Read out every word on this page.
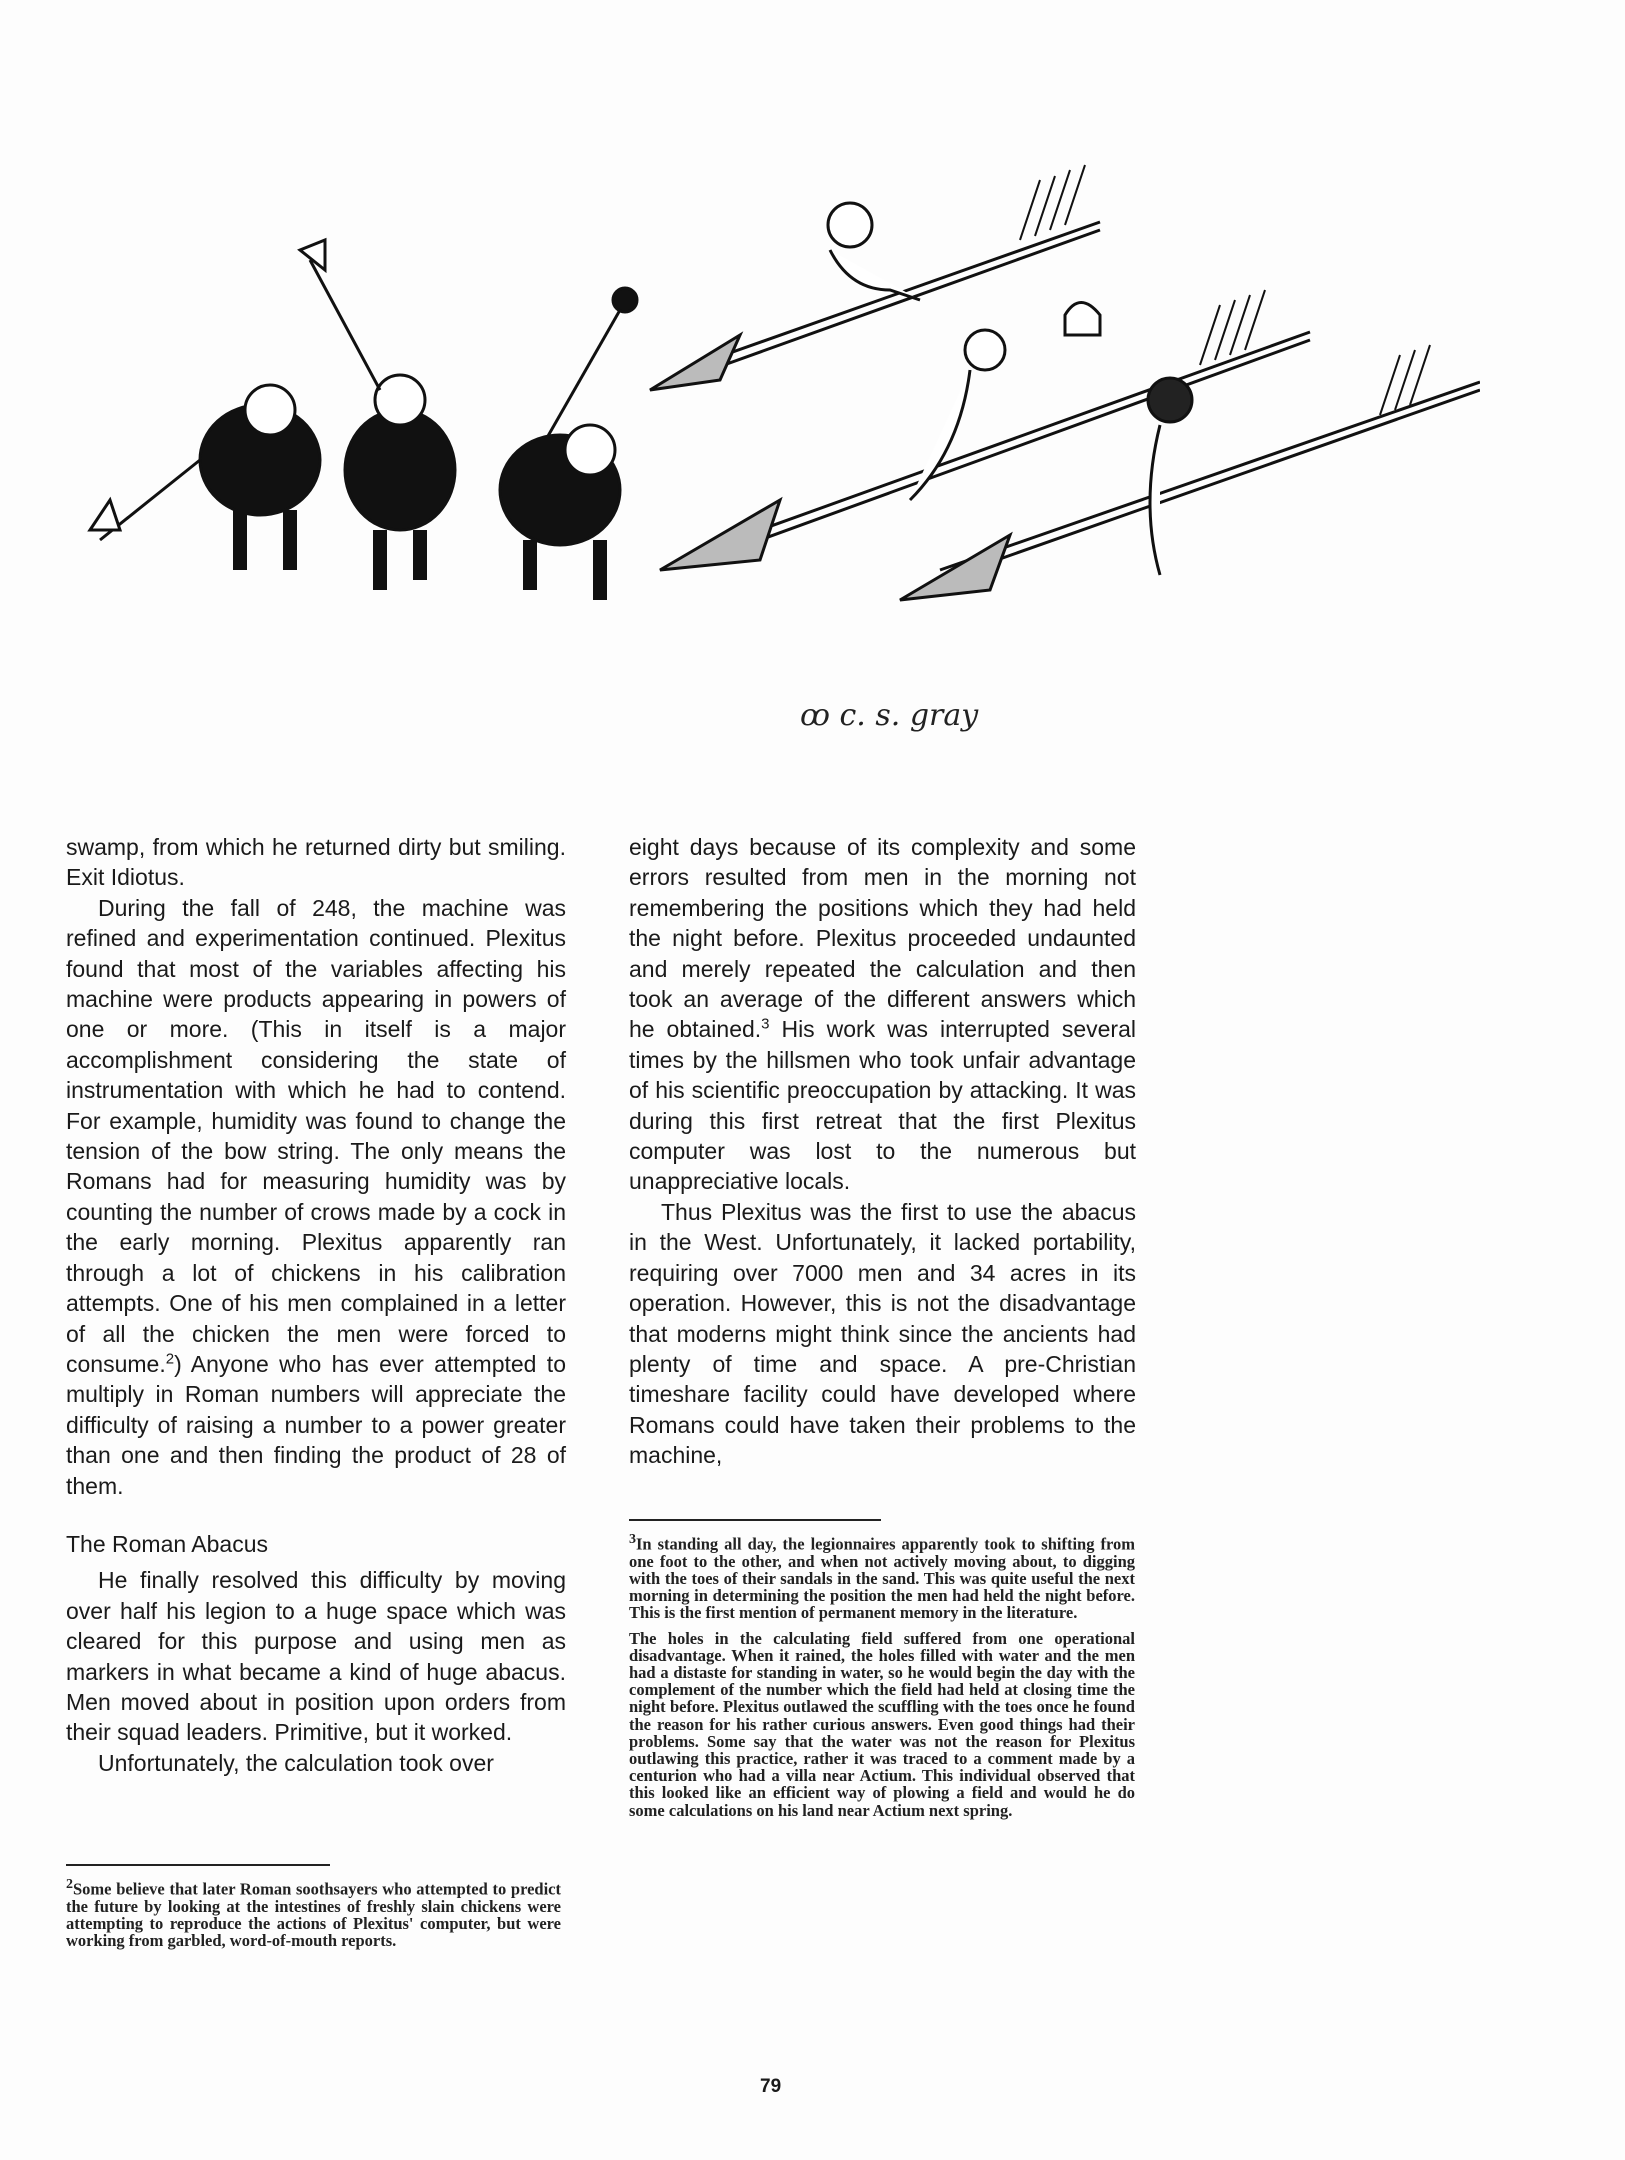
ꝏ c. s. gray

swamp, from which he returned dirty but smiling. Exit Idiotus.

During the fall of 248, the machine was refined and experimentation continued. Plexitus found that most of the variables affecting his machine were products appearing in powers of one or more. (This in itself is a major accomplishment considering the state of instrumentation with which he had to contend. For example, humidity was found to change the tension of the bow string. The only means the Romans had for measuring humidity was by counting the number of crows made by a cock in the early morning. Plexitus apparently ran through a lot of chickens in his calibration attempts. One of his men complained in a letter of all the chicken the men were forced to consume.$^2$) Anyone who has ever attempted to multiply in Roman numbers will appreciate the difficulty of raising a number to a power greater than one and then finding the product of 28 of them.

The Roman Abacus

He finally resolved this difficulty by moving over half his legion to a huge space which was cleared for this purpose and using men as markers in what became a kind of huge abacus. Men moved about in position upon orders from their squad leaders. Primitive, but it worked.

Unfortunately, the calculation took over

eight days because of its complexity and some errors resulted from men in the morning not remembering the positions which they had held the night before. Plexitus proceeded undaunted and merely repeated the calculation and then took an average of the different answers which he obtained.$^3$ His work was interrupted several times by the hillsmen who took unfair advantage of his scientific preoccupation by attacking. It was during this first retreat that the first Plexitus computer was lost to the numerous but unappreciative locals.

Thus Plexitus was the first to use the abacus in the West. Unfortunately, it lacked portability, requiring over 7000 men and 34 acres in its operation. However, this is not the disadvantage that moderns might think since the ancients had plenty of time and space. A pre-Christian timeshare facility could have developed where Romans could have taken their problems to the machine,

$^3$In standing all day, the legionnaires apparently took to shifting from one foot to the other, and when not actively moving about, to digging with the toes of their sandals in the sand. This was quite useful the next morning in determining the position the men had held the night before. This is the first mention of permanent memory in the literature.

The holes in the calculating field suffered from one operational disadvantage. When it rained, the holes filled with water and the men had a distaste for standing in water, so he would begin the day with the complement of the number which the field had held at closing time the night before. Plexitus outlawed the scuffling with the toes once he found the reason for his rather curious answers. Even good things had their problems. Some say that the water was not the reason for Plexitus outlawing this practice, rather it was traced to a comment made by a centurion who had a villa near Actium. This individual observed that this looked like an efficient way of plowing a field and would he do some calculations on his land near Actium next spring.

$^2$Some believe that later Roman soothsayers who attempted to predict the future by looking at the intestines of freshly slain chickens were attempting to reproduce the actions of Plexitus' computer, but were working from garbled, word-of-mouth reports.

79
